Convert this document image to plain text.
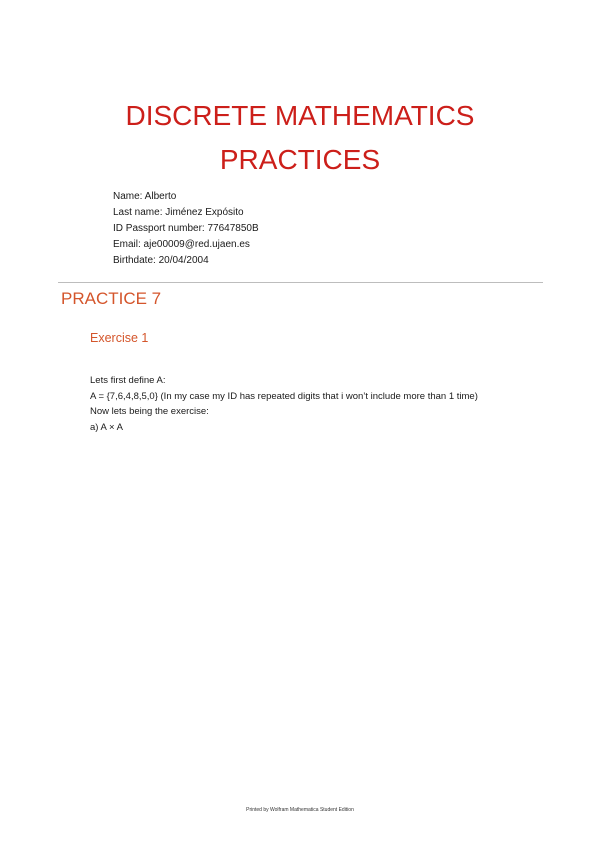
DISCRETE MATHEMATICS
PRACTICES
Name: Alberto
Last name: Jiménez Expósito
ID Passport number: 77647850B
Email: aje00009@red.ujaen.es
Birthdate: 20/04/2004
PRACTICE 7
Exercise 1
Lets first define A:
A = {7,6,4,8,5,0} (In my case my ID has repeated digits that i won’t include more than 1 time)
Now lets being the exercise:
a) A × A
Printed by Wolfram Mathematica Student Edition
